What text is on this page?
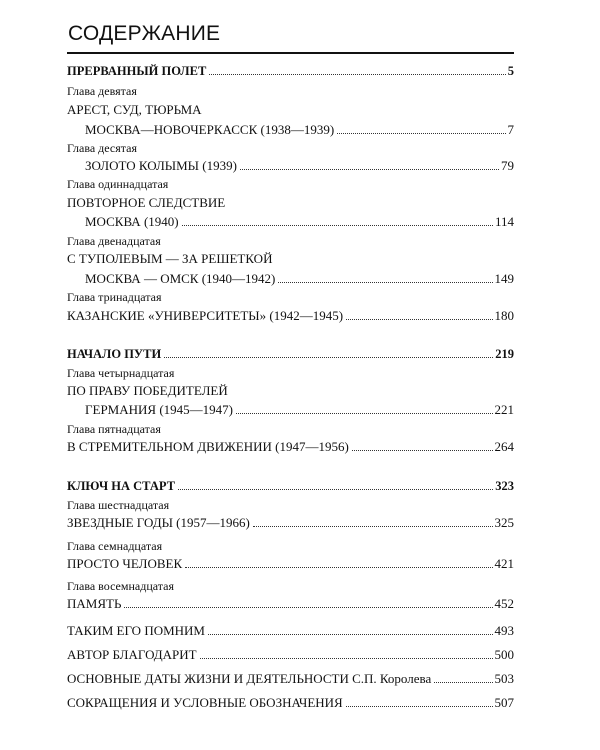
СОДЕРЖАНИЕ
ПРЕРВАННЫЙ ПОЛЕТ	5
Глава девятая
АРЕСТ, СУД, ТЮРЬМА
МОСКВА—НОВОЧЕРКАССК (1938—1939)	7
Глава десятая
ЗОЛОТО КОЛЫМЫ (1939)	79
Глава одиннадцатая
ПОВТОРНОЕ СЛЕДСТВИЕ
МОСКВА (1940)	114
Глава двенадцатая
С ТУПОЛЕВЫМ — ЗА РЕШЕТКОЙ
МОСКВА — ОМСК (1940—1942)	149
Глава тринадцатая
КАЗАНСКИЕ «УНИВЕРСИТЕТЫ» (1942—1945)	180
НАЧАЛО ПУТИ	219
Глава четырнадцатая
ПО ПРАВУ ПОБЕДИТЕЛЕЙ
ГЕРМАНИЯ (1945—1947)	221
Глава пятнадцатая
В СТРЕМИТЕЛЬНОМ ДВИЖЕНИИ (1947—1956)	264
КЛЮЧ НА СТАРТ	323
Глава шестнадцатая
ЗВЕЗДНЫЕ ГОДЫ (1957—1966)	325
Глава семнадцатая
ПРОСТО ЧЕЛОВЕК	421
Глава восемнадцатая
ПАМЯТЬ	452
ТАКИМ ЕГО ПОМНИМ	493
АВТОР БЛАГОДАРИТ	500
ОСНОВНЫЕ ДАТЫ ЖИЗНИ И ДЕЯТЕЛЬНОСТИ С.П. Королева	503
СОКРАЩЕНИЯ И УСЛОВНЫЕ ОБОЗНАЧЕНИЯ	507
